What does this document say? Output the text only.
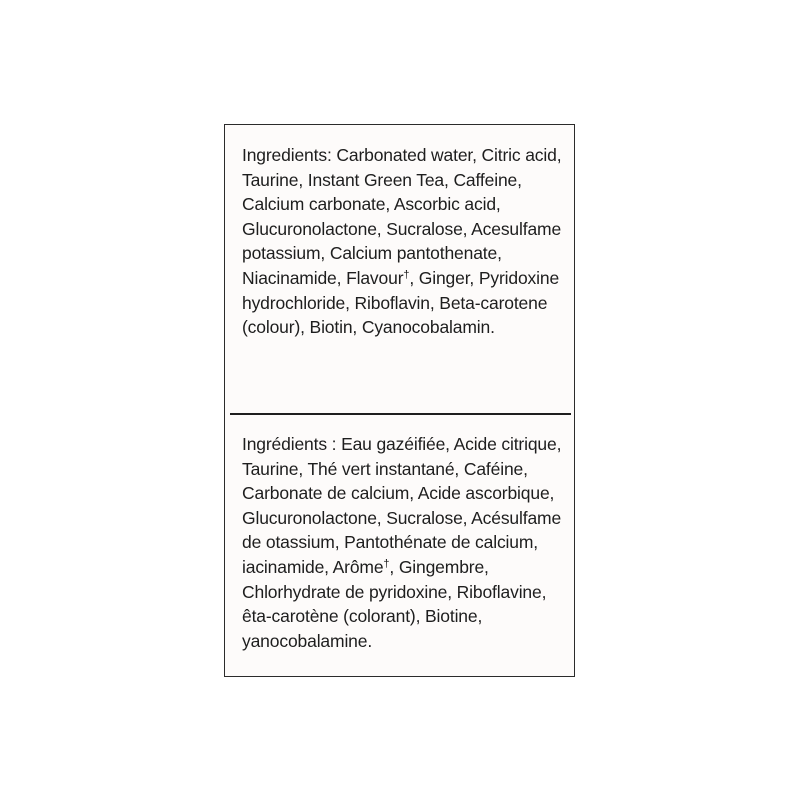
Ingredients: Carbonated water, Citric acid, Taurine, Instant Green Tea, Caffeine, Calcium carbonate, Ascorbic acid, Glucuronolactone, Sucralose, Acesulfame potassium, Calcium pantothenate, Niacinamide, Flavour†, Ginger, Pyridoxine hydrochloride, Riboflavin, Beta-carotene (colour), Biotin, Cyanocobalamin.

Ingrédients : Eau gazéifiée, Acide citrique, Taurine, Thé vert instantané, Caféine, Carbonate de calcium, Acide ascorbique, Glucuronolactone, Sucralose, Acésulfame de otassium, Pantothénate de calcium, iacinamide, Arôme†, Gingembre, Chlorhydrate de pyridoxine, Riboflavine, êta-carotène (colorant), Biotine, yanocobalamine.
